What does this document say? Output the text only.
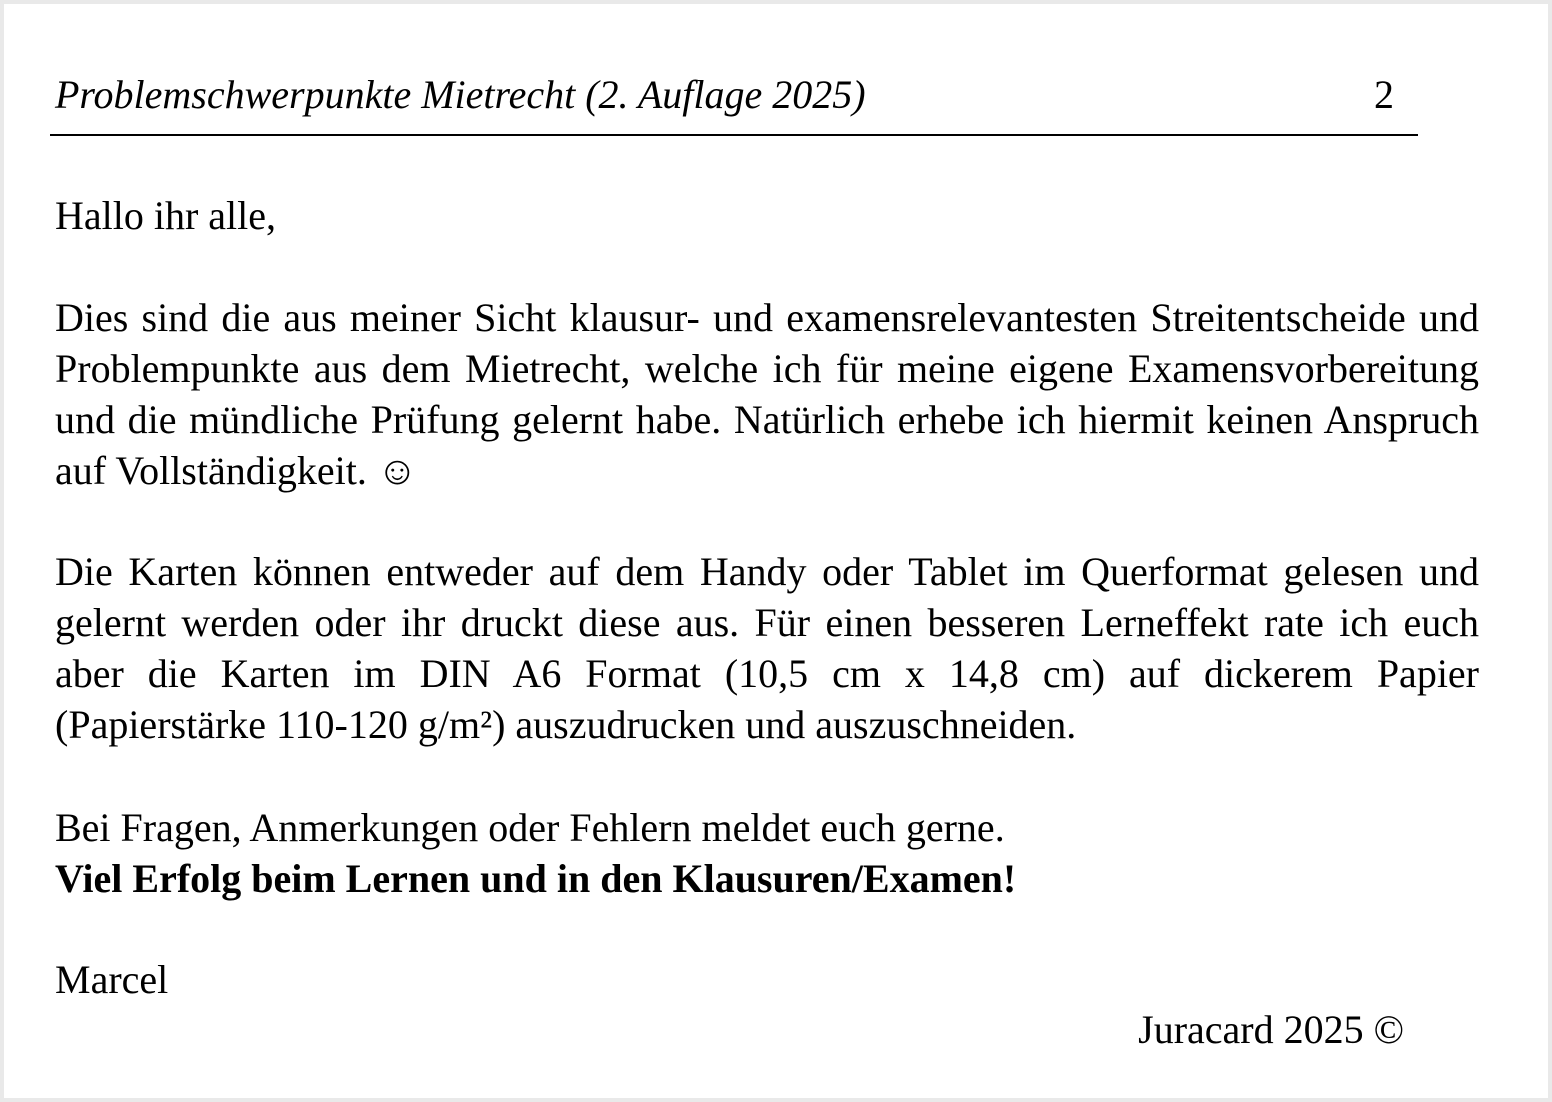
Problemschwerpunkte Mietrecht (2. Auflage 2025)	2

Hallo ihr alle,

Dies sind die aus meiner Sicht klausur- und examensrelevantesten Streitentscheide und Problempunkte aus dem Mietrecht, welche ich für meine eigene Examensvorbereitung und die mündliche Prüfung gelernt habe. Natürlich erhebe ich hiermit keinen Anspruch auf Vollständigkeit. ☺

Die Karten können entweder auf dem Handy oder Tablet im Querformat gelesen und gelernt werden oder ihr druckt diese aus. Für einen besseren Lerneffekt rate ich euch aber die Karten im DIN A6 Format (10,5 cm x 14,8 cm) auf dickerem Papier (Papierstärke 110-120 g/m²) auszudrucken und auszuschneiden.

Bei Fragen, Anmerkungen oder Fehlern meldet euch gerne.
Viel Erfolg beim Lernen und in den Klausuren/Examen!

Marcel

Juracard 2025 ©
